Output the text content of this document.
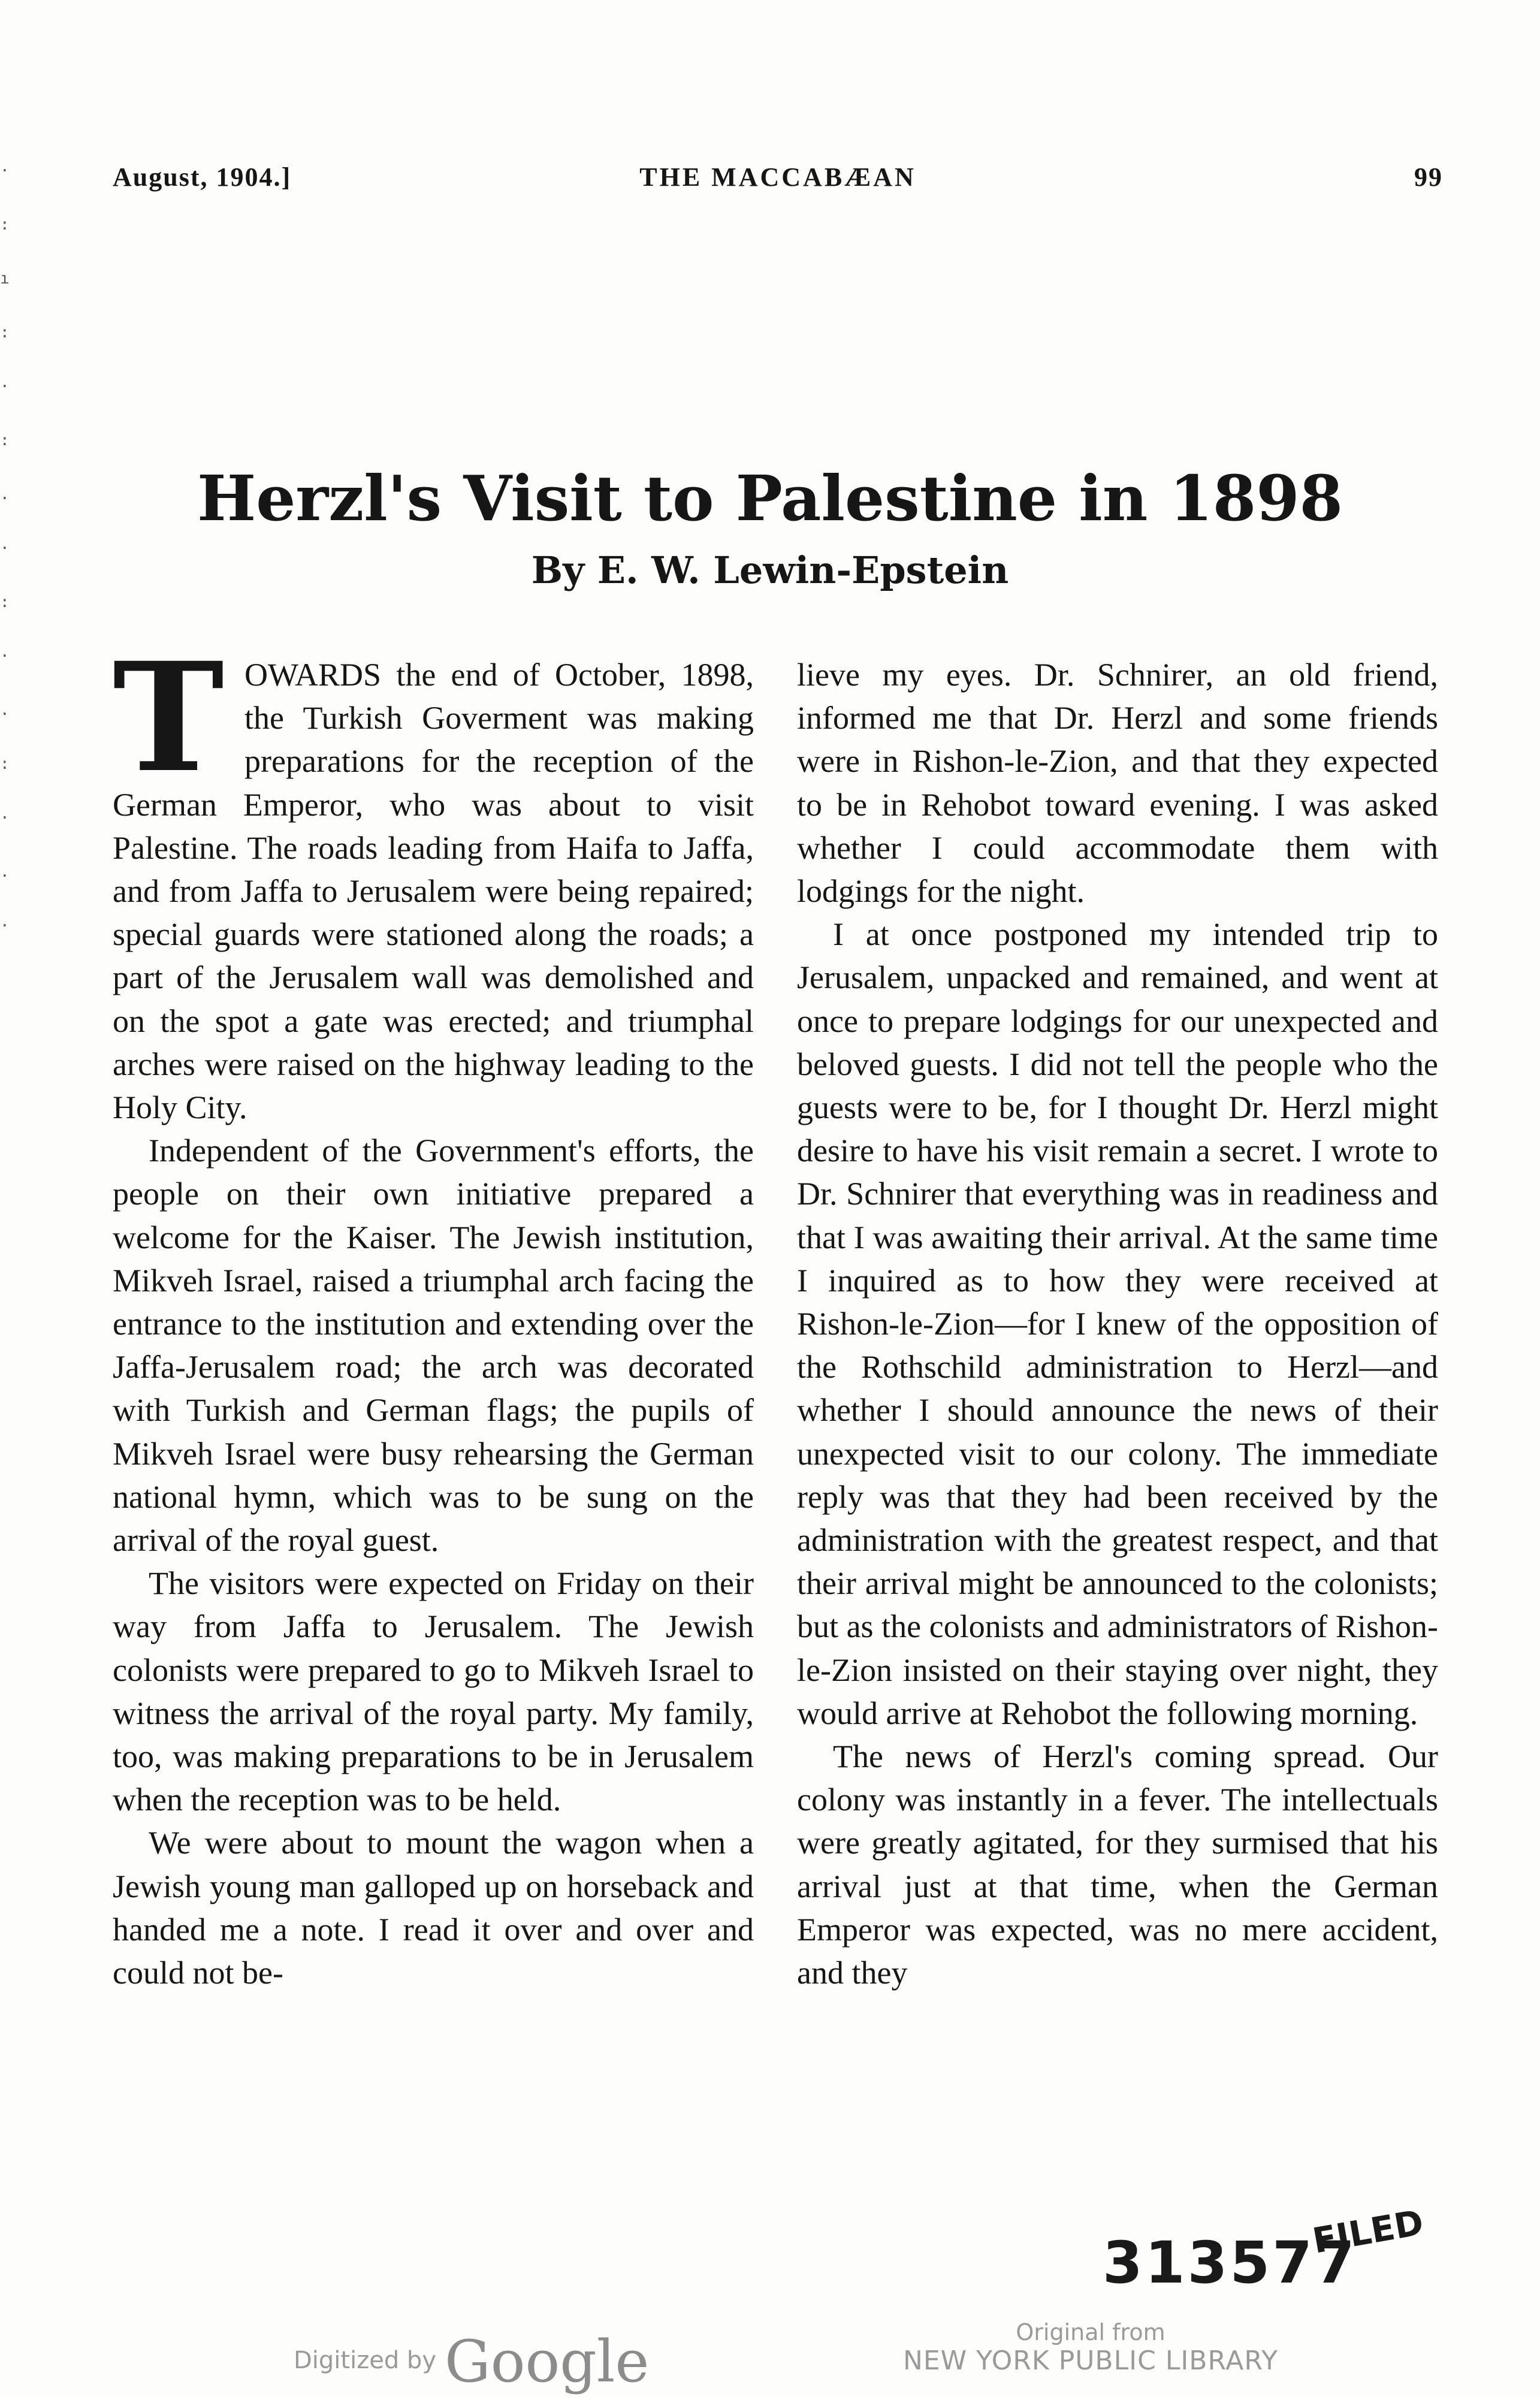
·
:
ı
:
·
:
.
·
:
·
.
:
·
.
·
August, 1904.]	THE MACCABÆAN	99
Herzl's Visit to Palestine in 1898
By E. W. Lewin-Epstein

TOWARDS the end of October, 1898, the Turkish Goverment was making preparations for the reception of the German Emperor, who was about to visit Palestine. The roads leading from Haifa to Jaffa, and from Jaffa to Jerusalem were being repaired; special guards were stationed along the roads; a part of the Jerusalem wall was demolished and on the spot a gate was erected; and triumphal arches were raised on the highway leading to the Holy City.

Independent of the Government's efforts, the people on their own initiative prepared a welcome for the Kaiser. The Jewish institution, Mikveh Israel, raised a triumphal arch facing the entrance to the institution and extending over the Jaffa-Jerusalem road; the arch was decorated with Turkish and German flags; the pupils of Mikveh Israel were busy rehearsing the German national hymn, which was to be sung on the arrival of the royal guest.

The visitors were expected on Friday on their way from Jaffa to Jerusalem. The Jewish colonists were prepared to go to Mikveh Israel to witness the arrival of the royal party. My family, too, was making preparations to be in Jerusalem when the reception was to be held.

We were about to mount the wagon when a Jewish young man galloped up on horseback and handed me a note. I read it over and over and could not be-

lieve my eyes. Dr. Schnirer, an old friend, informed me that Dr. Herzl and some friends were in Rishon-le-Zion, and that they expected to be in Rehobot toward evening. I was asked whether I could accommodate them with lodgings for the night.

I at once postponed my intended trip to Jerusalem, unpacked and remained, and went at once to prepare lodgings for our unexpected and beloved guests. I did not tell the people who the guests were to be, for I thought Dr. Herzl might desire to have his visit remain a secret. I wrote to Dr. Schnirer that everything was in readiness and that I was awaiting their arrival. At the same time I inquired as to how they were received at Rishon-le-Zion—for I knew of the opposition of the Rothschild administration to Herzl—and whether I should announce the news of their unexpected visit to our colony. The immediate reply was that they had been received by the administration with the greatest respect, and that their arrival might be announced to the colonists; but as the colonists and administrators of Rishon-le-Zion insisted on their staying over night, they would arrive at Rehobot the following morning.

The news of Herzl's coming spread. Our colony was instantly in a fever. The intellectuals were greatly agitated, for they surmised that his arrival just at that time, when the German Emperor was expected, was no mere accident, and they

313577
FILED
Digitized by Google	Original from
NEW YORK PUBLIC LIBRARY
